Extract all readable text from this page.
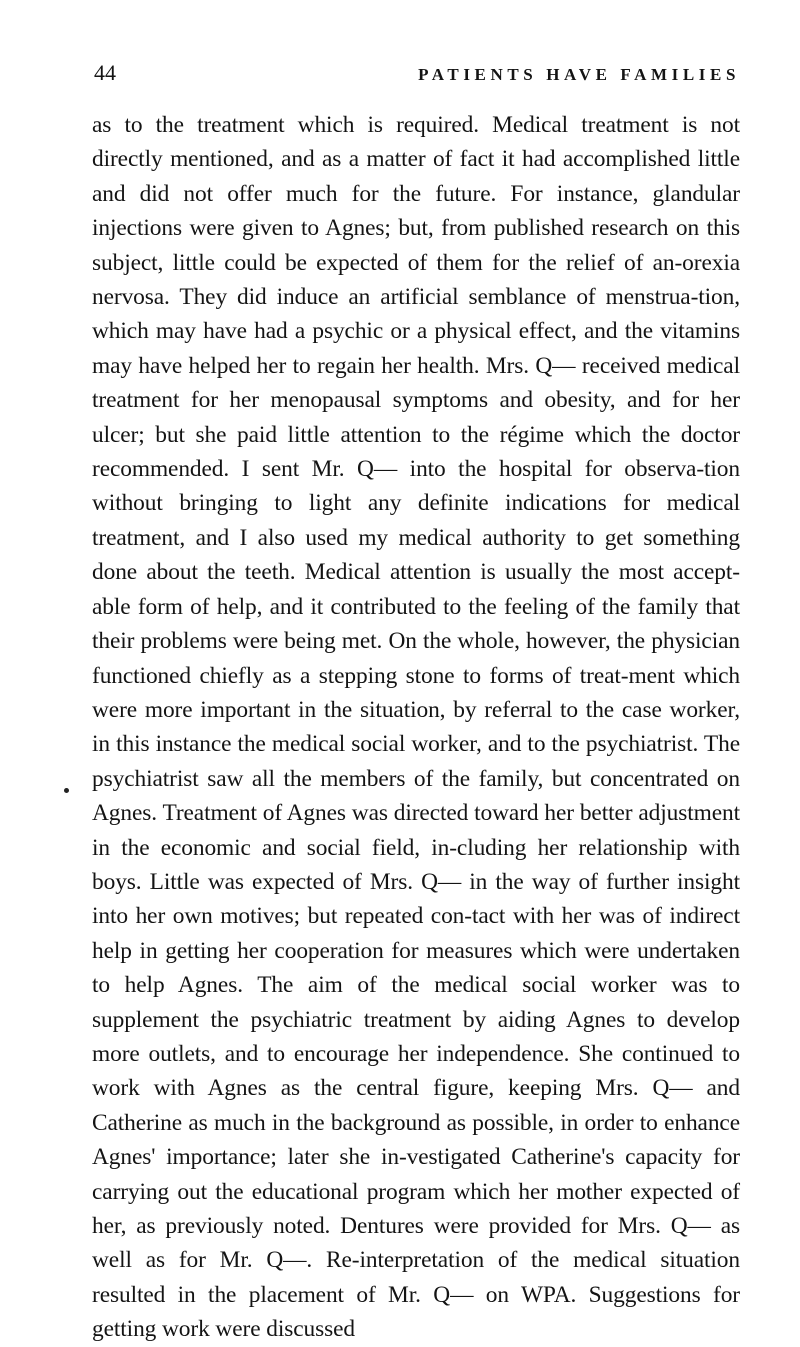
44	PATIENTS HAVE FAMILIES

as to the treatment which is required. Medical treatment is not directly mentioned, and as a matter of fact it had accomplished little and did not offer much for the future. For instance, glandular injections were given to Agnes; but, from published research on this subject, little could be expected of them for the relief of an-orexia nervosa. They did induce an artificial semblance of menstrua-tion, which may have had a psychic or a physical effect, and the vitamins may have helped her to regain her health. Mrs. Q— received medical treatment for her menopausal symptoms and obesity, and for her ulcer; but she paid little attention to the régime which the doctor recommended. I sent Mr. Q— into the hospital for observa-tion without bringing to light any definite indications for medical treatment, and I also used my medical authority to get something done about the teeth. Medical attention is usually the most accept-able form of help, and it contributed to the feeling of the family that their problems were being met. On the whole, however, the physician functioned chiefly as a stepping stone to forms of treat-ment which were more important in the situation, by referral to the case worker, in this instance the medical social worker, and to the psychiatrist. The psychiatrist saw all the members of the family, but concentrated on Agnes. Treatment of Agnes was directed toward her better adjustment in the economic and social field, in-cluding her relationship with boys. Little was expected of Mrs. Q— in the way of further insight into her own motives; but repeated con-tact with her was of indirect help in getting her cooperation for measures which were undertaken to help Agnes. The aim of the medical social worker was to supplement the psychiatric treatment by aiding Agnes to develop more outlets, and to encourage her independence. She continued to work with Agnes as the central figure, keeping Mrs. Q— and Catherine as much in the background as possible, in order to enhance Agnes' importance; later she in-vestigated Catherine's capacity for carrying out the educational program which her mother expected of her, as previously noted. Dentures were provided for Mrs. Q— as well as for Mr. Q—. Re-interpretation of the medical situation resulted in the placement of Mr. Q— on WPA. Suggestions for getting work were discussed
